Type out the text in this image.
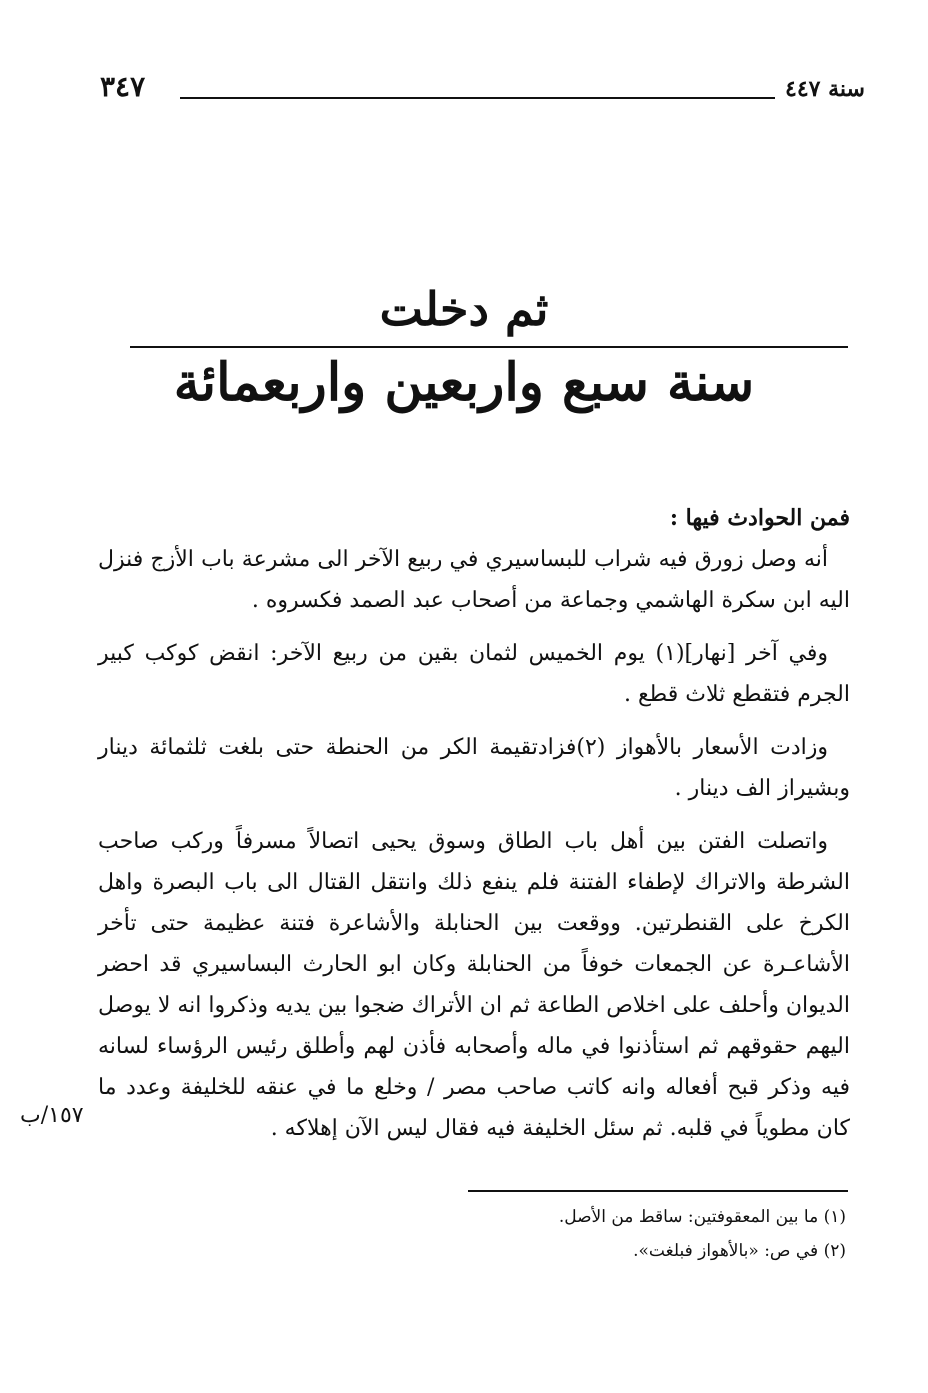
سنة ٤٤٧
٣٤٧
ثم دخلت
سنة سبع واربعين واربعمائة

فمن الحوادث فيها :

أنه وصل زورق فيه شراب للبساسيري في ربيع الآخر الى مشرعة باب الأزج فنزل اليه ابن سكرة الهاشمي وجماعة من أصحاب عبد الصمد فكسروه .

وفي آخر [نهار](١) يوم الخميس لثمان بقين من ربيع الآخر: انقض كوكب كبير الجرم فتقطع ثلاث قطع .

وزادت الأسعار بالأهواز (٢)فزادتقيمة الكر من الحنطة حتى بلغت ثلثمائة دينار وبشيراز الف دينار .

واتصلت الفتن بين أهل باب الطاق وسوق يحيى اتصالاً مسرفاً وركب صاحب الشرطة والاتراك لإطفاء الفتنة فلم ينفع ذلك وانتقل القتال الى باب البصرة واهل الكرخ على القنطرتين. ووقعت بين الحنابلة والأشاعرة فتنة عظيمة حتى تأخر الأشاعـرة عن الجمعات خوفاً من الحنابلة وكان ابو الحارث البساسيري قد احضر الديوان وأحلف على اخلاص الطاعة ثم ان الأتراك ضجوا بين يديه وذكروا انه لا يوصل اليهم حقوقهم ثم استأذنوا في ماله وأصحابه فأذن لهم وأطلق رئيس الرؤساء لسانه فيه وذكر قبح أفعاله وانه كاتب صاحب مصر / وخلع ما في عنقه للخليفة وعدد ما كان مطوياً في قلبه. ثم سئل الخليفة فيه فقال ليس الآن إهلاكه .

١٥٧/ب

(١) ما بين المعقوفتين: ساقط من الأصل.

(٢) في ص: «بالأهواز فبلغت».
